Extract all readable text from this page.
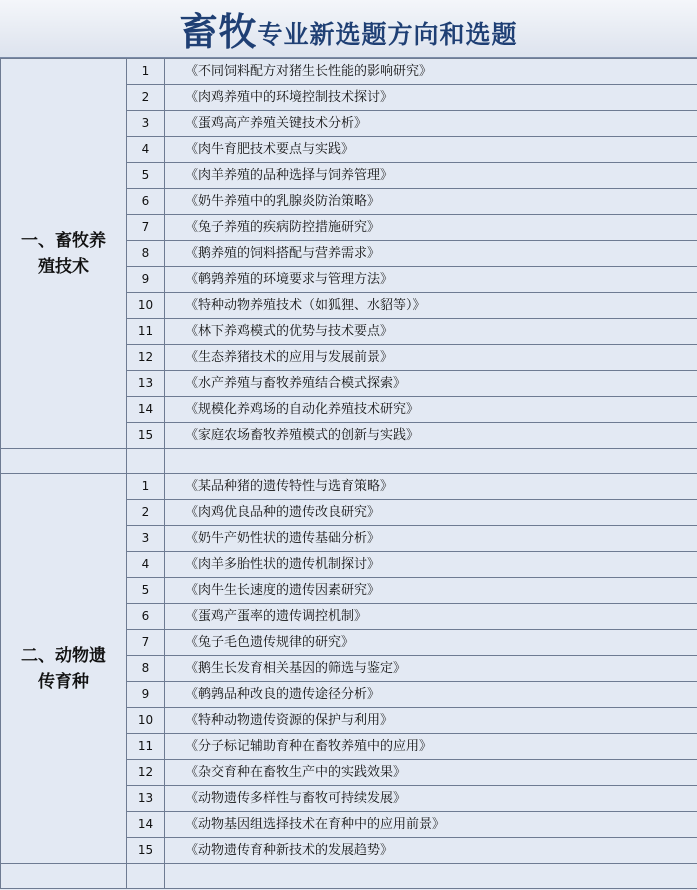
畜牧 专业新选题方向和选题
一、畜牧养
殖技术	1	《不同饲料配方对猪生长性能的影响研究》
	2	《肉鸡养殖中的环境控制技术探讨》
	3	《蛋鸡高产养殖关键技术分析》
	4	《肉牛育肥技术要点与实践》
	5	《肉羊养殖的品种选择与饲养管理》
	6	《奶牛养殖中的乳腺炎防治策略》
	7	《兔子养殖的疾病防控措施研究》
	8	《鹅养殖的饲料搭配与营养需求》
	9	《鹌鹑养殖的环境要求与管理方法》
	10	《特种动物养殖技术（如狐狸、水貂等）》
	11	《林下养鸡模式的优势与技术要点》
	12	《生态养猪技术的应用与发展前景》
	13	《水产养殖与畜牧养殖结合模式探索》
	14	《规模化养鸡场的自动化养殖技术研究》
	15	《家庭农场畜牧养殖模式的创新与实践》

二、动物遗
传育种	1	《某品种猪的遗传特性与选育策略》
	2	《肉鸡优良品种的遗传改良研究》
	3	《奶牛产奶性状的遗传基础分析》
	4	《肉羊多胎性状的遗传机制探讨》
	5	《肉牛生长速度的遗传因素研究》
	6	《蛋鸡产蛋率的遗传调控机制》
	7	《兔子毛色遗传规律的研究》
	8	《鹅生长发育相关基因的筛选与鉴定》
	9	《鹌鹑品种改良的遗传途径分析》
	10	《特种动物遗传资源的保护与利用》
	11	《分子标记辅助育种在畜牧养殖中的应用》
	12	《杂交育种在畜牧生产中的实践效果》
	13	《动物遗传多样性与畜牧可持续发展》
	14	《动物基因组选择技术在育种中的应用前景》
	15	《动物遗传育种新技术的发展趋势》
